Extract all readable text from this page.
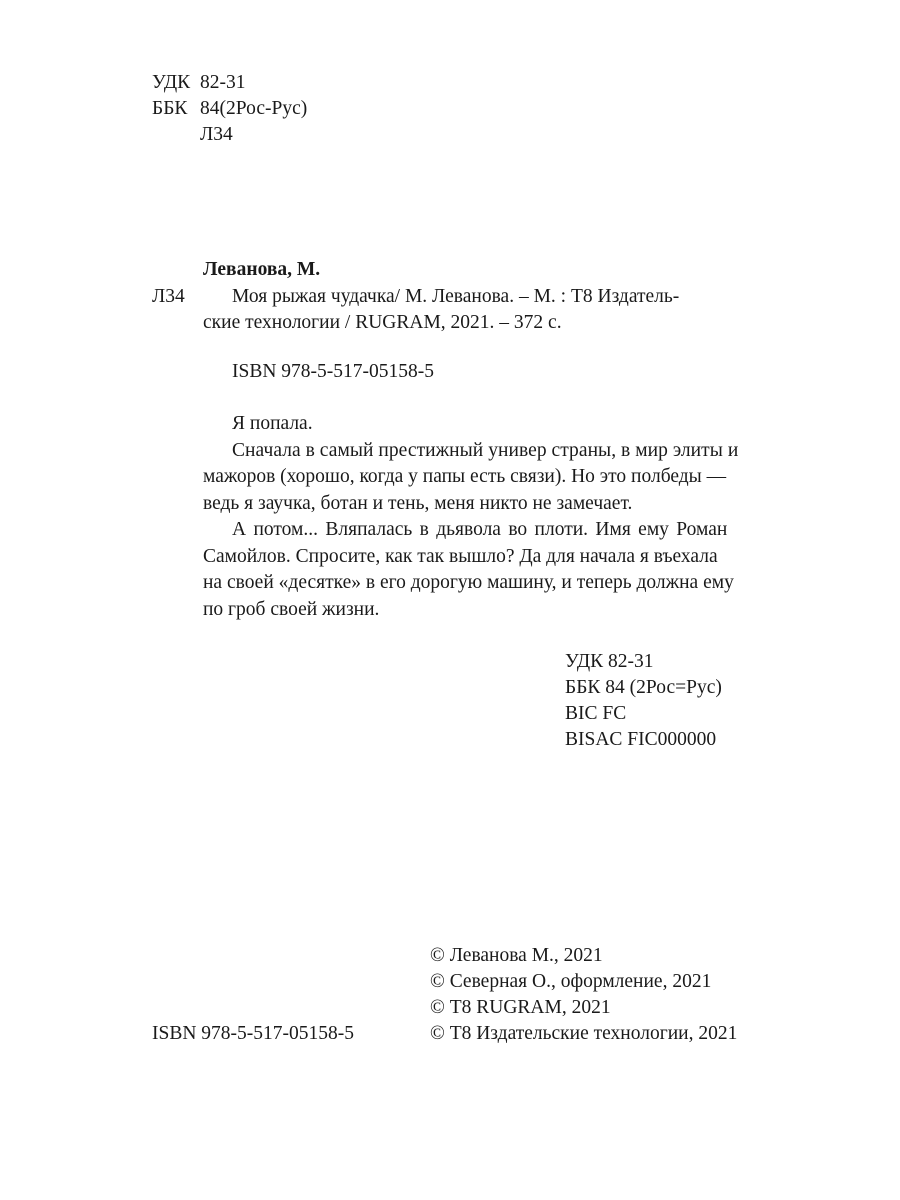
УДК 82-31
ББК 84(2Рос-Рус)
Л34
Леванова, М.
Л34 Моя рыжая чудачка/ М. Леванова. – М. : Т8 Издатель-
ские технологии / RUGRAM, 2021. – 372 с.
ISBN 978-5-517-05158-5
Я попала.
Сначала в самый престижный универ страны, в мир элиты и
мажоров (хорошо, когда у папы есть связи). Но это полбеды —
ведь я заучка, ботан и тень, меня никто не замечает.
А потом... Вляпалась в дьявола во плоти. Имя ему Роман
Самойлов. Спросите, как так вышло? Да для начала я въехала
на своей «десятке» в его дорогую машину, и теперь должна ему
по гроб своей жизни.
УДК 82-31
ББК 84 (2Рос=Рус)
BIC FC
BISAC FIC000000
© Леванова М., 2021
© Северная О., оформление, 2021
© Т8 RUGRAM, 2021
© Т8 Издательские технологии, 2021
ISBN 978-5-517-05158-5
